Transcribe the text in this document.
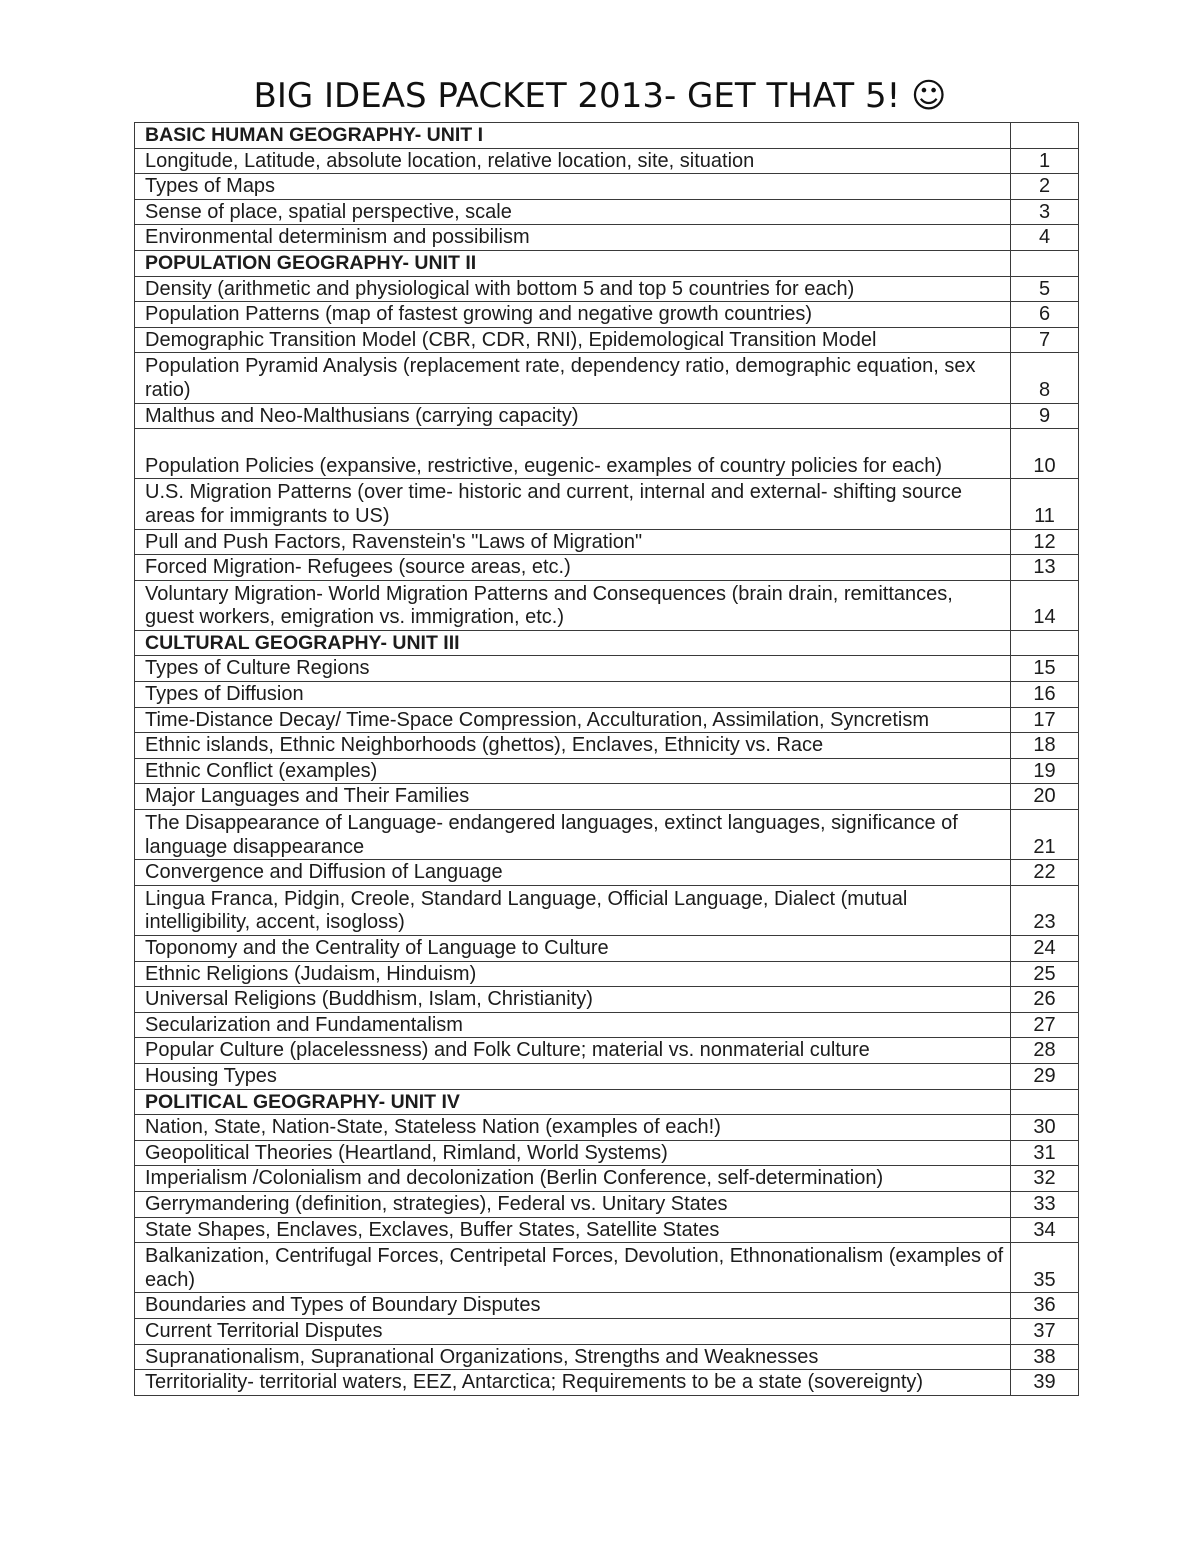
BIG IDEAS PACKET 2013- GET THAT 5! ☺
BASIC HUMAN GEOGRAPHY- UNIT I	
Longitude, Latitude, absolute location, relative location, site, situation	1
Types of Maps	2
Sense of place, spatial perspective, scale	3
Environmental determinism and possibilism	4
POPULATION GEOGRAPHY- UNIT II	
Density (arithmetic and physiological with bottom 5 and top 5 countries for each)	5
Population Patterns (map of fastest growing and negative growth countries)	6
Demographic Transition Model (CBR, CDR, RNI), Epidemological Transition Model	7
Population Pyramid Analysis (replacement rate, dependency ratio, demographic equation, sex ratio)	8
Malthus and Neo-Malthusians (carrying capacity)	9
Population Policies (expansive, restrictive, eugenic- examples of country policies for each)	10
U.S. Migration Patterns (over time- historic and current, internal and external- shifting source areas for immigrants to US)	11
Pull and Push Factors, Ravenstein's "Laws of Migration"	12
Forced Migration- Refugees (source areas, etc.)	13
Voluntary Migration- World Migration Patterns and Consequences (brain drain, remittances, guest workers, emigration vs. immigration, etc.)	14
CULTURAL GEOGRAPHY- UNIT III	
Types of Culture Regions	15
Types of Diffusion	16
Time-Distance Decay/ Time-Space Compression, Acculturation, Assimilation, Syncretism	17
Ethnic islands, Ethnic Neighborhoods (ghettos), Enclaves, Ethnicity vs. Race	18
Ethnic Conflict (examples)	19
Major Languages and Their Families	20
The Disappearance of Language- endangered languages, extinct languages, significance of language disappearance	21
Convergence and Diffusion of Language	22
Lingua Franca, Pidgin, Creole, Standard Language, Official Language, Dialect (mutual intelligibility, accent, isogloss)	23
Toponomy and the Centrality of Language to Culture	24
Ethnic Religions (Judaism, Hinduism)	25
Universal Religions (Buddhism, Islam, Christianity)	26
Secularization and Fundamentalism	27
Popular Culture (placelessness) and Folk Culture; material vs. nonmaterial culture	28
Housing Types	29
POLITICAL GEOGRAPHY- UNIT IV	
Nation, State, Nation-State, Stateless Nation (examples of each!)	30
Geopolitical Theories (Heartland, Rimland, World Systems)	31
Imperialism /Colonialism and decolonization (Berlin Conference, self-determination)	32
Gerrymandering (definition, strategies), Federal vs. Unitary States	33
State Shapes, Enclaves, Exclaves, Buffer States, Satellite States	34
Balkanization, Centrifugal Forces, Centripetal Forces, Devolution, Ethnonationalism (examples of each)	35
Boundaries and Types of Boundary Disputes	36
Current Territorial Disputes	37
Supranationalism, Supranational Organizations, Strengths and Weaknesses	38
Territoriality- territorial waters, EEZ, Antarctica; Requirements to be a state (sovereignty)	39
